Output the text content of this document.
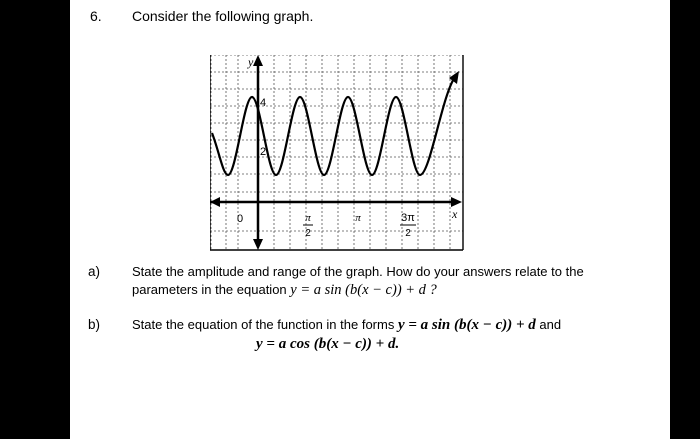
6. Consider the following graph.
y
x
4
2
0	π
2
π	3π
2
a) State the amplitude and range of the graph. How do your answers relate to the
parameters in the equation y = a sin (b(x − c)) + d ?
b) State the equation of the function in the forms y = a sin (b(x − c)) + d and
y = a cos (b(x − c)) + d.
